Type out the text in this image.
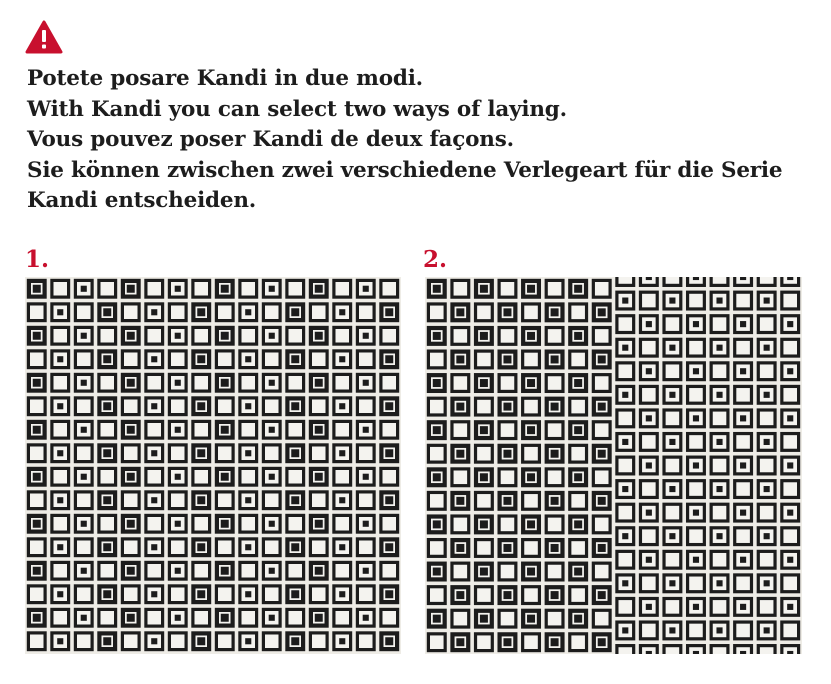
Potete posare Kandi in due modi.
With Kandi you can select two ways of laying.
Vous pouvez poser Kandi de deux façons.
Sie können zwischen zwei verschiedene Verlegeart für die Serie
Kandi entscheiden.
1.	2.
